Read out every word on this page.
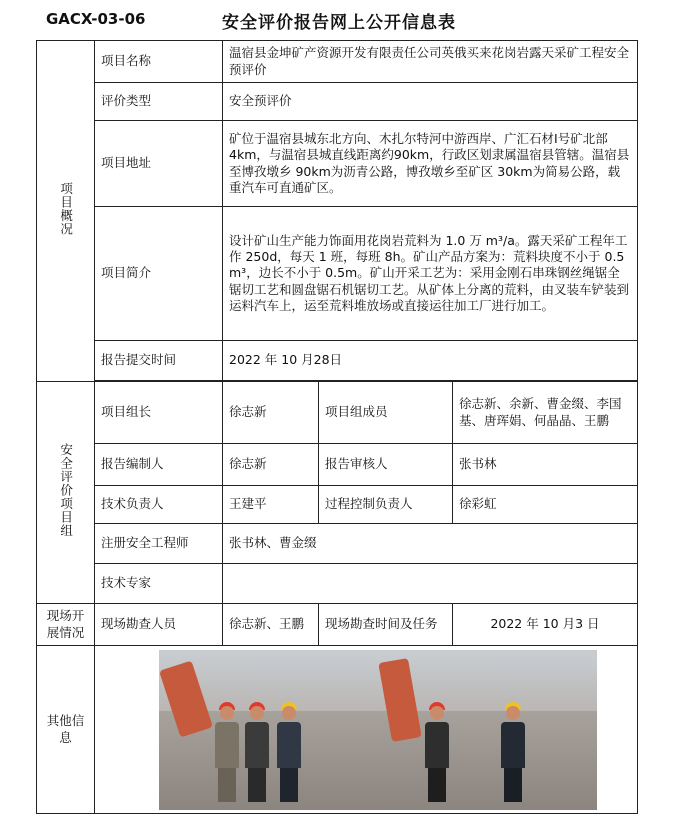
GACX-03-06	安全评价报告网上公开信息表
项目概况	项目名称	温宿县金坤矿产资源开发有限责任公司英俄买来花岗岩露天采矿工程安全预评价		
	评价类型	安全预评价		
	项目地址	矿位于温宿县城东北方向、木扎尔特河中游西岸、广汇石材Ⅰ号矿北部4km，与温宿县城直线距离约90km，行政区划隶属温宿县管辖。温宿县至博孜墩乡 90km为沥青公路，博孜墩乡至矿区 30km为简易公路，载重汽车可直通矿区。		
	项目简介	设计矿山生产能力饰面用花岗岩荒料为 1.0 万 m³/a。露天采矿工程年工作 250d，每天 1 班，每班 8h。矿山产品方案为：荒料块度不小于 0.5 m³，边长不小于 0.5m。矿山开采工艺为：采用金刚石串珠钢丝绳锯全锯切工艺和圆盘锯石机锯切工艺。从矿体上分离的荒料，由叉装车铲装到运料汽车上，运至荒料堆放场或直接运往加工厂进行加工。		
	报告提交时间	2022 年 10 月28日		

安全评价项目组	项目组长	徐志新	项目组成员	徐志新、余新、曹金缀、李国基、唐珲娟、何晶晶、王鹏
	报告编制人	徐志新	报告审核人	张书林
	技术负责人	王建平	过程控制负责人	徐彩虹
	注册安全工程师	张书林、曹金缀		
	技术专家			
现场开展情况	现场勘查人员	徐志新、王鹏	现场勘查时间及任务	2022 年 10 月3 日
其他信息				
